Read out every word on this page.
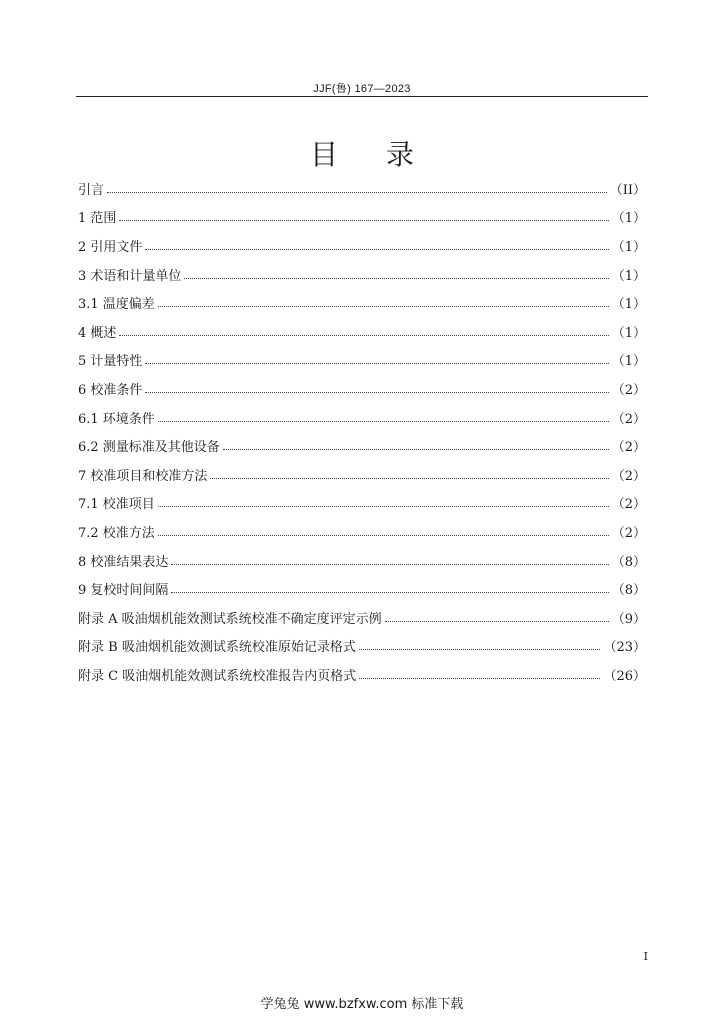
JJF(鲁) 167—2023
目 录
引言	（II）
1 范围	（1）
2 引用文件	（1）
3 术语和计量单位	（1）
3.1 温度偏差	（1）
4 概述	（1）
5 计量特性	（1）
6 校准条件	（2）
6.1 环境条件	（2）
6.2 测量标准及其他设备	（2）
7 校准项目和校准方法	（2）
7.1 校准项目	（2）
7.2 校准方法	（2）
8 校准结果表达	（8）
9 复校时间间隔	（8）
附录 A 吸油烟机能效测试系统校准不确定度评定示例	（9）
附录 B 吸油烟机能效测试系统校准原始记录格式	（23）
附录 C 吸油烟机能效测试系统校准报告内页格式	（26）
I
学兔兔 www.bzfxw.com 标准下载
